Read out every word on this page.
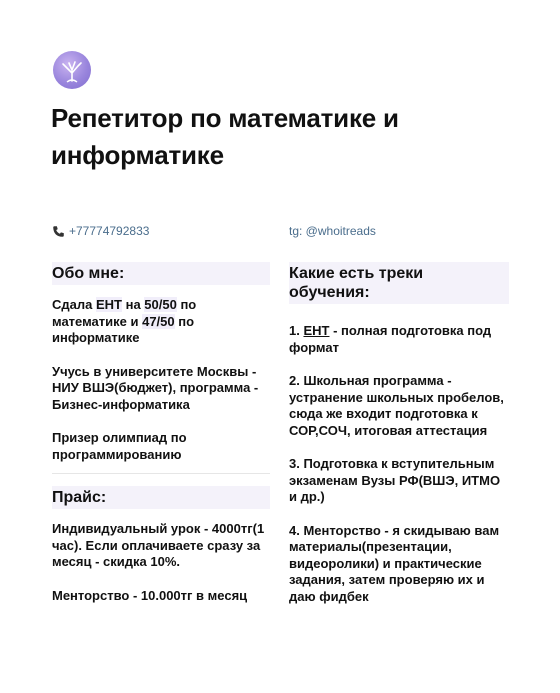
Репетитор по математике и информатике
+77774792833	tg: @whoitreads
Обо мне:

Сдала ЕНТ на 50/50 по математике и 47/50 по информатике

Учусь в университете Москвы - НИУ ВШЭ(бюджет), программа - Бизнес-информатика

Призер олимпиад по программированию

Прайс:

Индивидуальный урок - 4000тг(1 час). Если оплачиваете сразу за месяц - скидка 10%.

Менторство - 10.000тг в месяц

Какие есть треки обучения:

1. ЕНТ - полная подготовка под формат

2. Школьная программа - устранение школьных пробелов, сюда же входит подготовка к СОР,СОЧ, итоговая аттестация

3. Подготовка к вступительным экзаменам Вузы РФ(ВШЭ, ИТМО и др.)

4. Менторство - я скидываю вам материалы(презентации, видеоролики) и практические задания, затем проверяю их и даю фидбек
